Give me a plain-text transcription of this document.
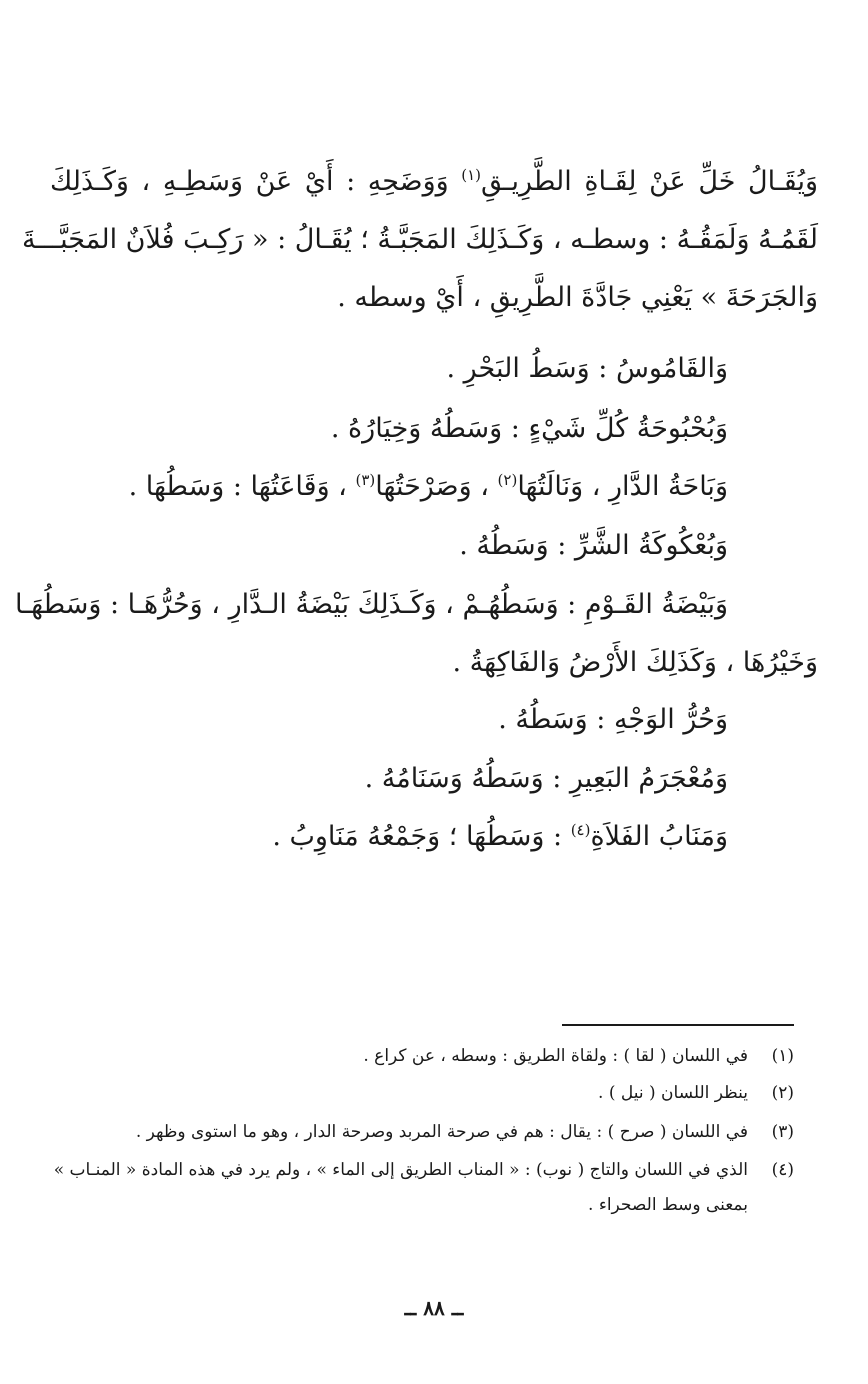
وَيُقَـالُ خَلِّ عَنْ لِقَـاةِ الطَّرِيـقِ$^{(١)}$ وَوَضَحِهِ : أَيْ عَنْ وَسَطِـهِ ، وَكَـذَلِكَ
لَقَمُـهُ وَلَمَقُـهُ : وسطـه ، وَكَـذَلِكَ المَجَبَّـةُ ؛ يُقَـالُ : « رَكِـبَ فُلاَنٌ المَجَبَّـــةَ
وَالجَرَحَةَ » يَعْنِي جَادَّةَ الطَّرِيقِ ، أَيْ وسطه .
وَالقَامُوسُ : وَسَطُ البَحْرِ .
وَبُحْبُوحَةُ كُلِّ شَيْءٍ : وَسَطُهُ وَخِيَارُهُ .
وَبَاحَةُ الدَّارِ ، وَنَالَتُهَا$^{(٢)}$ ، وَصَرْحَتُهَا$^{(٣)}$ ، وَقَاعَتُهَا : وَسَطُهَا .
وَبُعْكُوكَةُ الشَّرِّ : وَسَطُهُ .
وَبَيْضَةُ القَـوْمِ : وَسَطُهُـمْ ، وَكَـذَلِكَ بَيْضَةُ الـدَّارِ ، وَحُرُّهَـا : وَسَطُهَـا
وَخَيْرُهَا ، وَكَذَلِكَ الأَرْضُ وَالفَاكِهَةُ .
وَحُرُّ الوَجْهِ : وَسَطُهُ .
وَمُعْجَرَمُ البَعِيرِ : وَسَطُهُ وَسَنَامُهُ .
وَمَنَابُ الفَلاَةِ$^{(٤)}$ : وَسَطُهَا ؛ وَجَمْعُهُ مَنَاوِبُ .
(١)
في اللسان ( لقا ) : ولقاة الطريق : وسطه ، عن كراع .
(٢)
ينظر اللسان ( نيل ) .
(٣)
في اللسان ( صرح ) : يقال : هم في صرحة المربد وصرحة الدار ، وهو ما استوى وظهر .
(٤)
الذي في اللسان والتاج ( نوب) : « المناب الطريق إلى الماء » ، ولم يرد في هذه المادة « المنـاب »
بمعنى وسط الصحراء .
ــ ٨٨ ــ
